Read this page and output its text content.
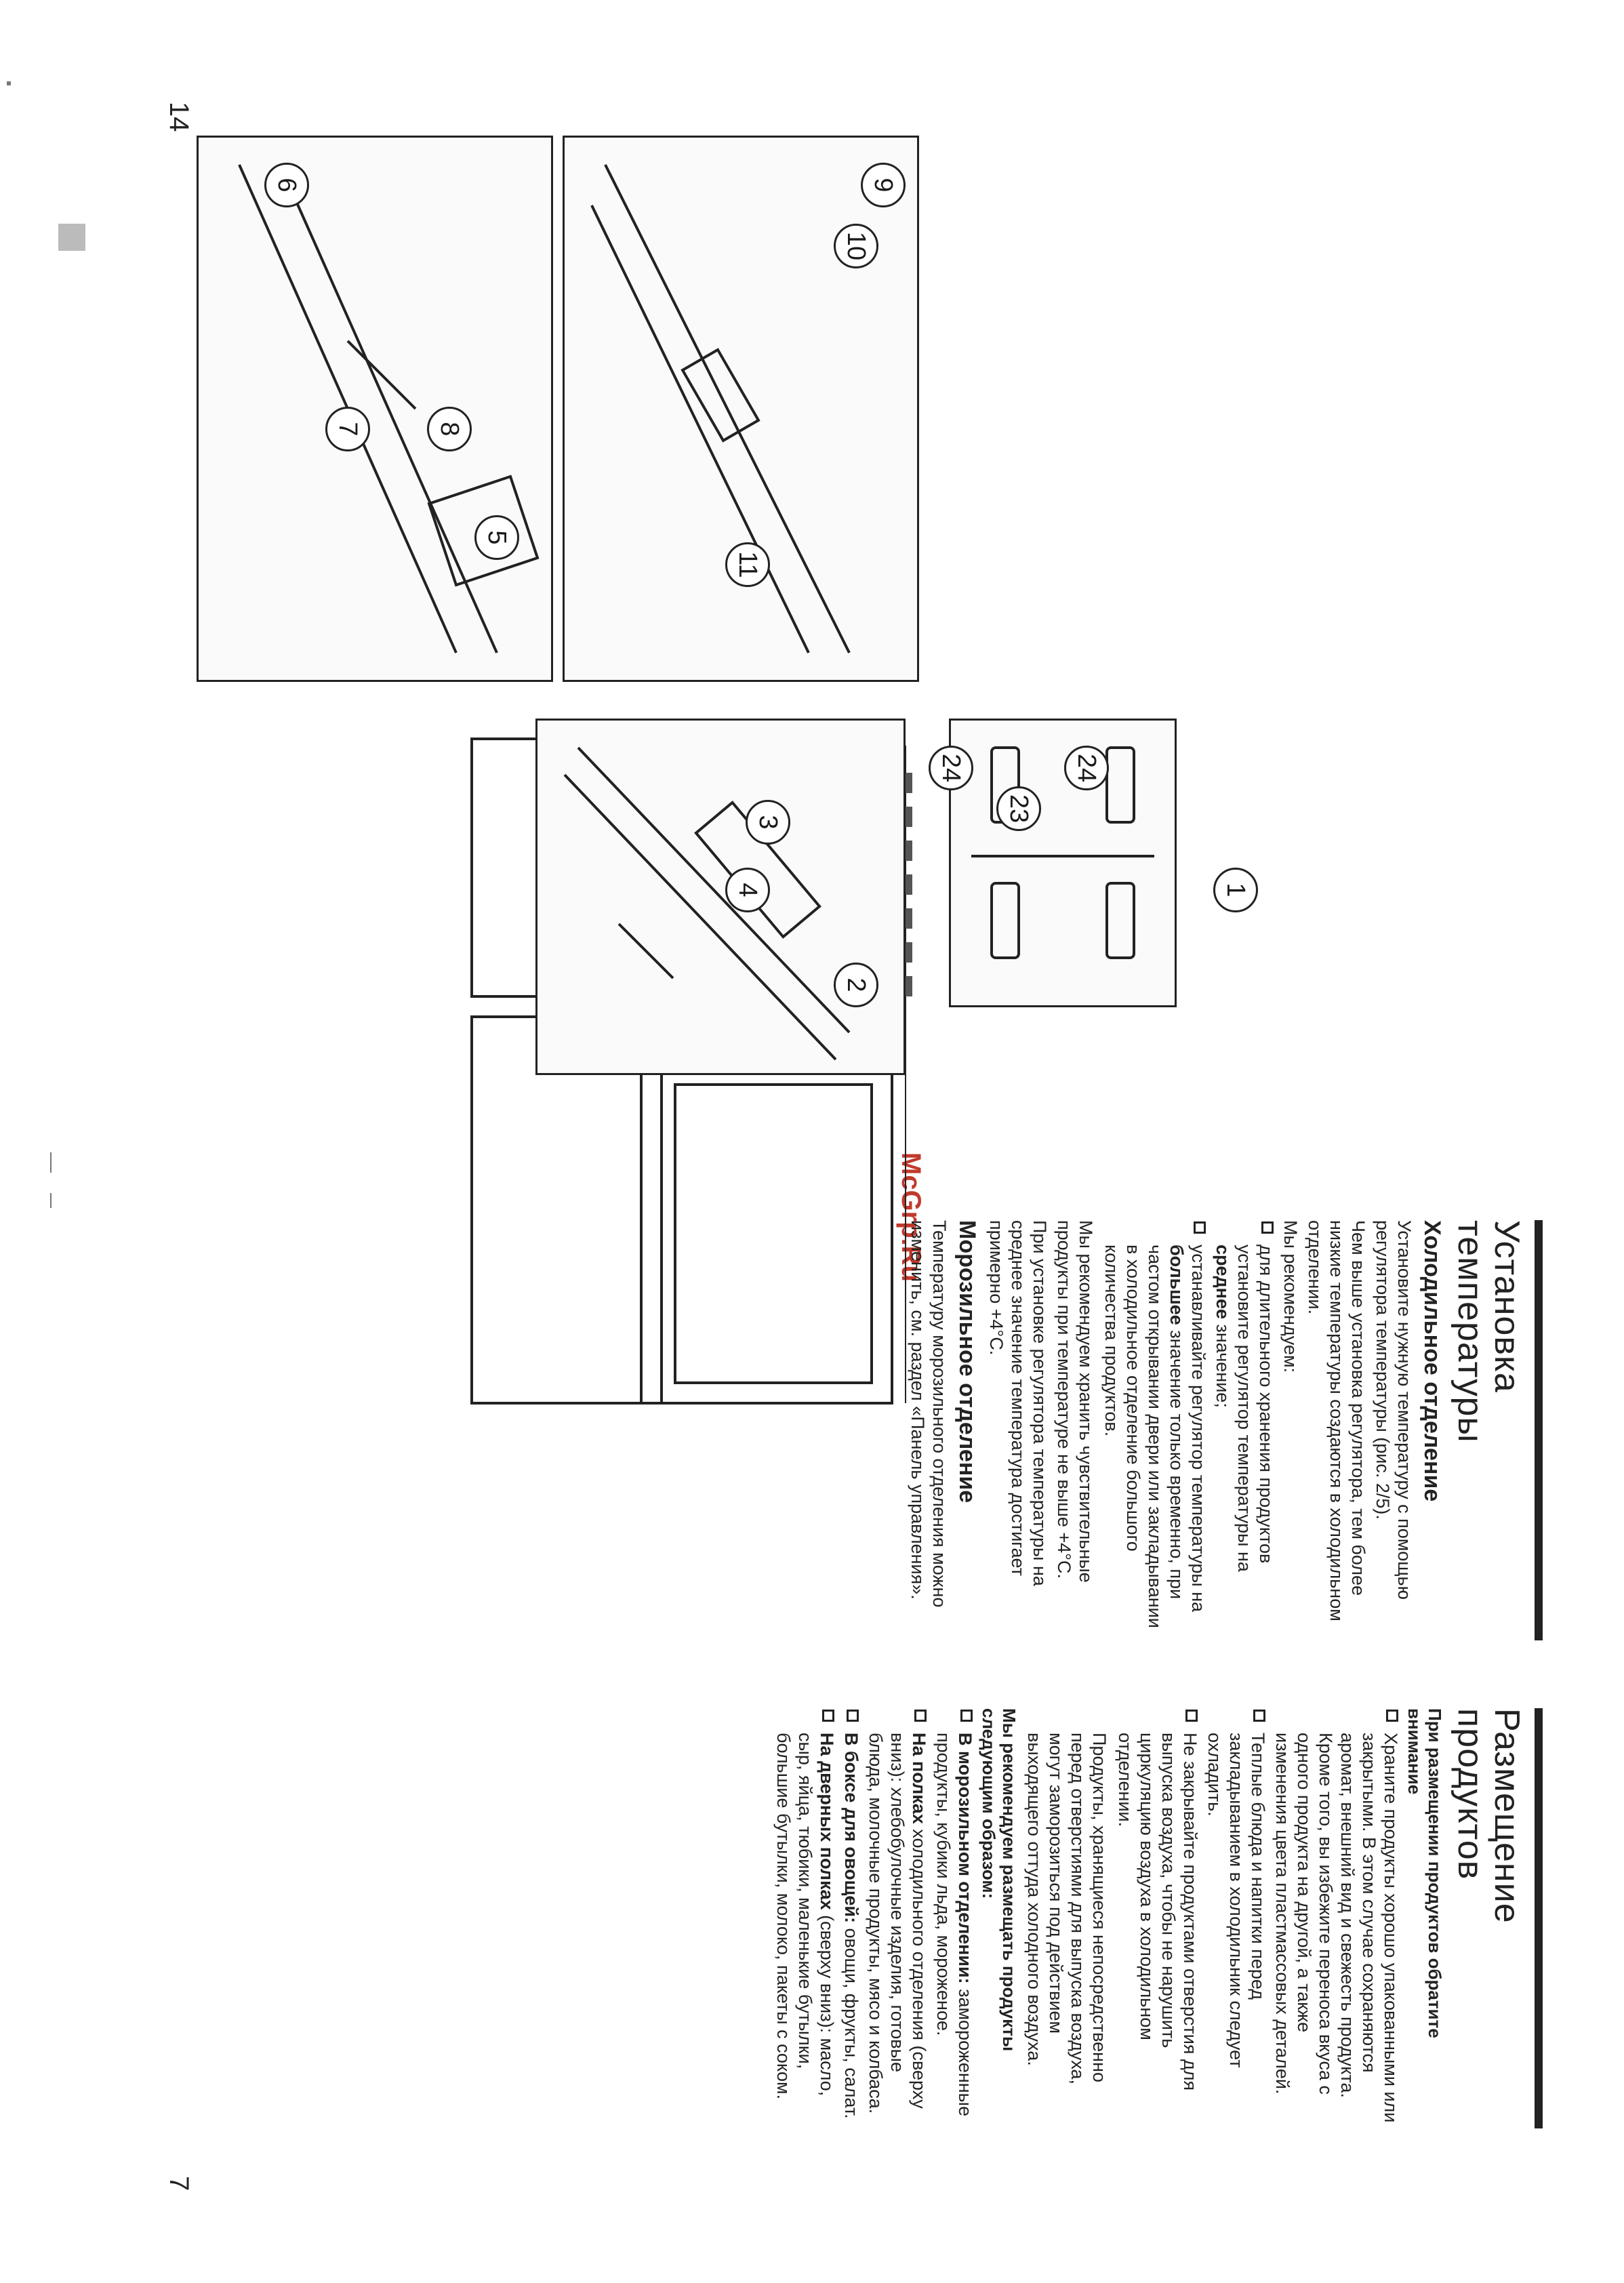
14
7
McGrp.Ru
1
23
24
24
2
3
4
5
6
7	8
9
10
11
Установка
температуры
Холодильное отделение

Установите нужную температуру с помощью регулятора температуры (рис. 2/5).

Чем выше установка регулятора, тем более низкие температуры создаются в холодильном отделении.

Мы рекомендуем:

для длительного хранения продуктов установите регулятор температуры на среднее значение;
устанавливайте регулятор температуры на большее значение только временно, при частом открывании двери или закладывании в холодильное отделение большого количества продуктов.

Мы рекомендуем хранить чувствительные продукты при температуре не выше +4°С.

При установке регулятора температуры на среднее значение температура достигает примерно +4°С.

Морозильное отделение

Температуру морозильного отделения можно изменить, см. раздел «Панель управления».

Размещение
продуктов
При размещении продуктов обратите внимание
Храните продукты хорошо упакованными или закрытыми. В этом случае сохраняются аромат, внешний вид и свежесть продукта. Кроме того, вы избежите переноса вкуса с одного продукта на другой, а также изменения цвета пластмассовых деталей.
Теплые блюда и напитки перед закладыванием в холодильник следует охладить.
Не закрывайте продуктами отверстия для выпуска воздуха, чтобы не нарушить циркуляцию воздуха в холодильном отделении.

Продукты, хранящиеся непосредственно перед отверстиями для выпуска воздуха, могут заморозиться под действием выходящего оттуда холодного воздуха.

Мы рекомендуем размещать продукты следующим образом:
В морозильном отделении: замороженные продукты, кубики льда, мороженое.
На полках холодильного отделения (сверху вниз): хлебобулочные изделия, готовые блюда, молочные продукты, мясо и колбаса.
В боксе для овощей: овощи, фрукты, салат.
На дверных полках (сверху вниз): масло, сыр, яйца, тюбики, маленькие бутылки, большие бутылки, молоко, пакеты с соком.
